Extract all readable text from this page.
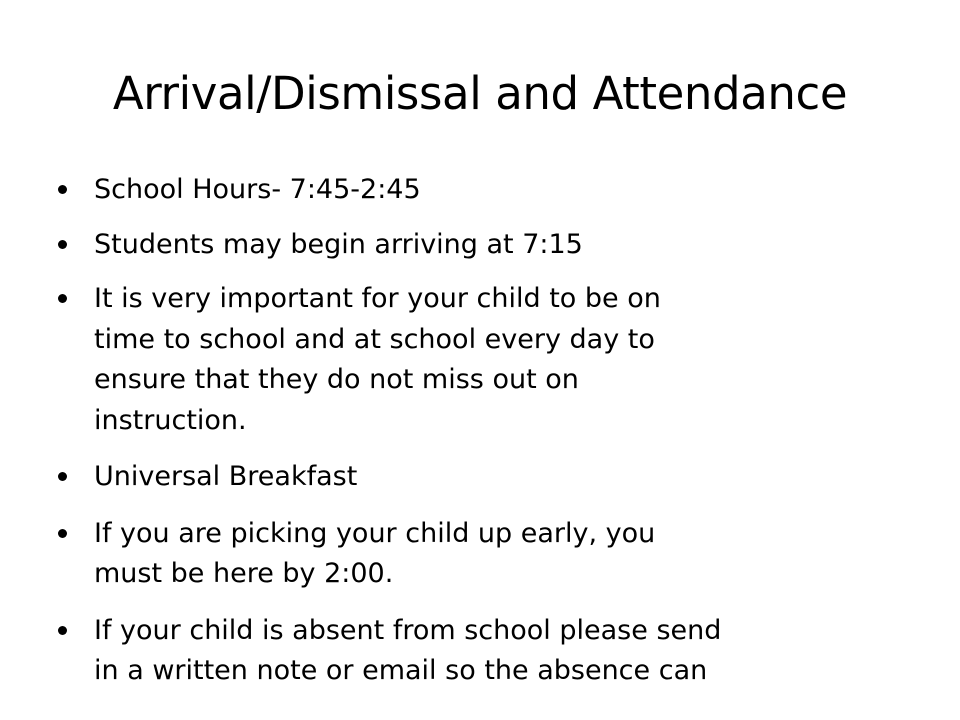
Arrival/Dismissal and Attendance
School Hours- 7:45-2:45
Students may begin arriving at 7:15
It is very important for your child to be on
time to school and at school every day to
ensure that they do not miss out on
instruction.
Universal Breakfast
If you are picking your child up early, you
must be here by 2:00.
If your child is absent from school please send
in a written note or email so the absence can
